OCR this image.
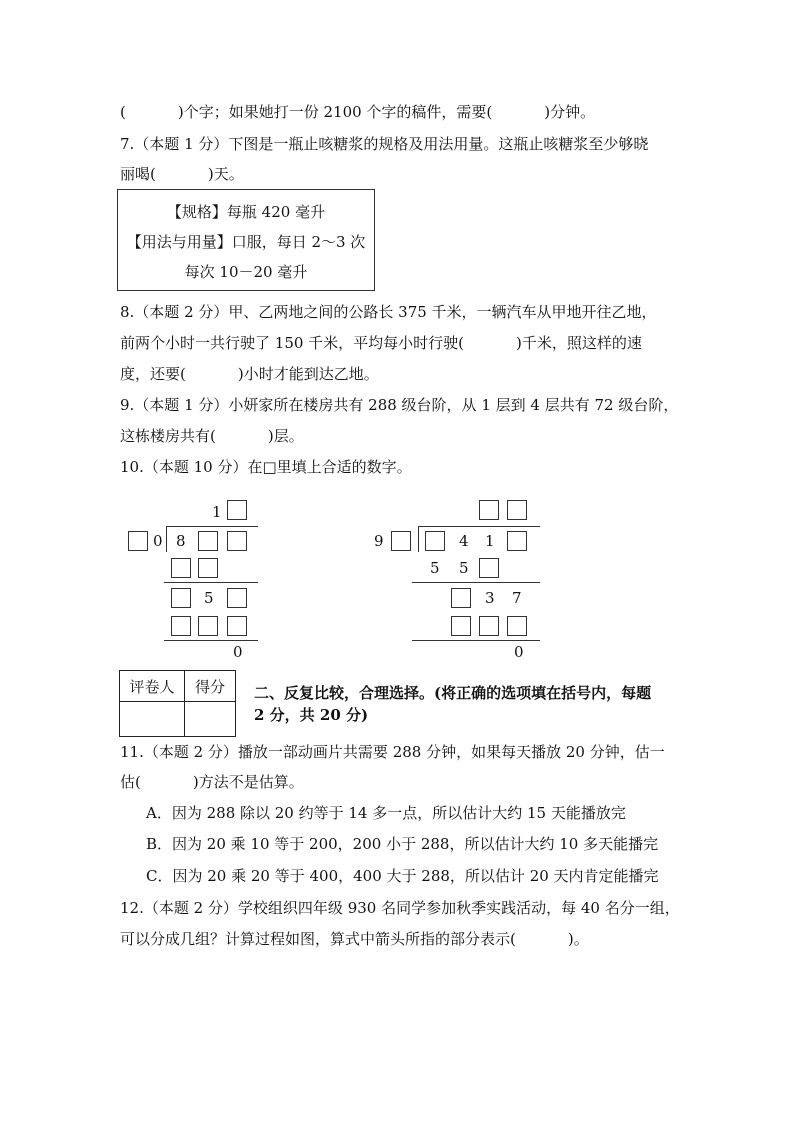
(	)个字；如果她打一份 2100 个字的稿件，需要(	)分钟。
7.（本题 1 分）下图是一瓶止咳糖浆的规格及用法用量。这瓶止咳糖浆至少够晓
丽喝(	)天。
【规格】每瓶 420 毫升
【用法与用量】口服，每日 2～3 次
每次 10－20 毫升
8.（本题 2 分）甲、乙两地之间的公路长 375 千米，一辆汽车从甲地开往乙地，
前两个小时一共行驶了 150 千米，平均每小时行驶(	)千米，照这样的速
度，还要(	)小时才能到达乙地。
9.（本题 1 分）小妍家所在楼房共有 288 级台阶，从 1 层到 4 层共有 72 级台阶，
这栋楼房共有(	)层。
10.（本题 10 分）在□里填上合适的数字。
1
0 8
5
0
9	4 1
5 5
3 7
0
评卷人	得分
	二、反复比较，合理选择。(将正确的选项填在括号内，每题
2 分，共 20 分)
11.（本题 2 分）播放一部动画片共需要 288 分钟，如果每天播放 20 分钟，估一
估(	)方法不是估算。
A．因为 288 除以 20 约等于 14 多一点，所以估计大约 15 天能播放完
B．因为 20 乘 10 等于 200，200 小于 288，所以估计大约 10 多天能播完
C．因为 20 乘 20 等于 400，400 大于 288，所以估计 20 天内肯定能播完
12.（本题 2 分）学校组织四年级 930 名同学参加秋季实践活动，每 40 名分一组，
可以分成几组？计算过程如图，算式中箭头所指的部分表示(	)。
